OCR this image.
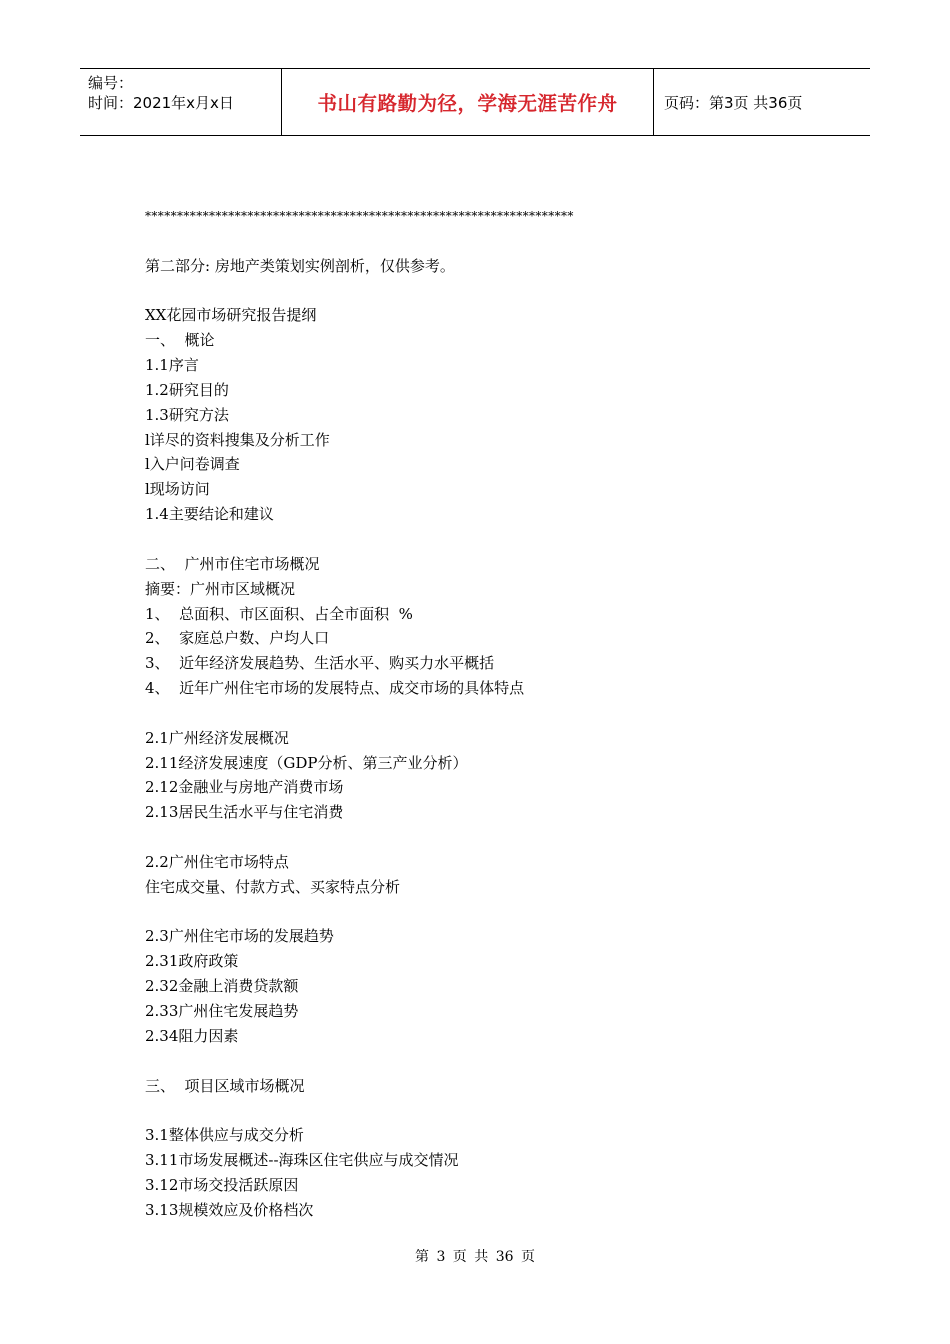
编号：
时间：2021年x月x日	书山有路勤为径，学海无涯苦作舟	页码：第3页 共36页
*******************************************************************
第二部分: 房地产类策划实例剖析，仅供参考。
XX花园市场研究报告提纲
一、  概论
1.1序言
1.2研究目的
1.3研究方法
l详尽的资料搜集及分析工作
l入户问卷调查
l现场访问
1.4主要结论和建议
二、  广州市住宅市场概况
摘要：广州市区域概况
1、  总面积、市区面积、占全市面积  %
2、  家庭总户数、户均人口
3、  近年经济发展趋势、生活水平、购买力水平概括
4、  近年广州住宅市场的发展特点、成交市场的具体特点
2.1广州经济发展概况
2.11经济发展速度（GDP分析、第三产业分析）
2.12金融业与房地产消费市场
2.13居民生活水平与住宅消费
2.2广州住宅市场特点
住宅成交量、付款方式、买家特点分析
2.3广州住宅市场的发展趋势
2.31政府政策
2.32金融上消费贷款额
2.33广州住宅发展趋势
2.34阻力因素
三、  项目区域市场概况
3.1整体供应与成交分析
3.11市场发展概述--海珠区住宅供应与成交情况
3.12市场交投活跃原因
3.13规模效应及价格档次
第 3 页 共 36 页
